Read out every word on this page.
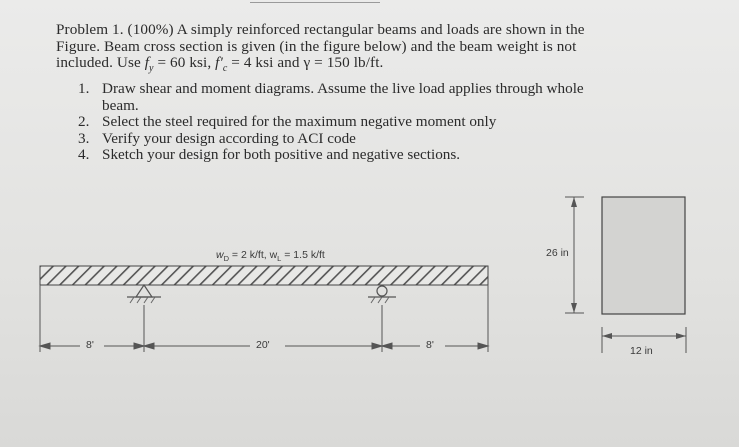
Problem 1. (100%) A simply reinforced rectangular beams and loads are shown in the

Figure. Beam cross section is given (in the figure below) and the beam weight is not

included. Use $f_y = 60$ ksi, $f'_c = 4$ ksi and γ = 150 lb/ft.

1. Draw shear and moment diagrams. Assume the live load applies through whole
beam.
2. Select the steel required for the maximum negative moment only
3. Verify your design according to ACI code
4. Sketch your design for both positive and negative sections.
$w_D = 2$ k/ft, $w_L = 1.5$ k/ft
8'	20'	8'
26 in
12 in
